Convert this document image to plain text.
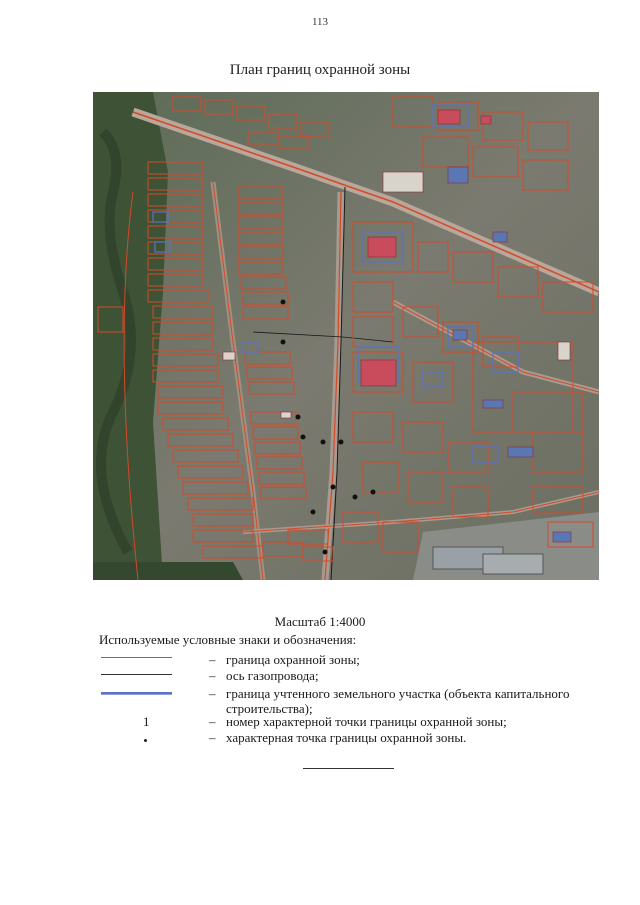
113
План границ охранной зоны
Масштаб 1:4000
Используемые условные знаки и обозначения:
– граница охранной зоны;
– ось газопровода;
– граница учтенного земельного участка (объекта капитального строительства);
1	– номер характерной точки границы охранной зоны;
– характерная точка границы охранной зоны.
